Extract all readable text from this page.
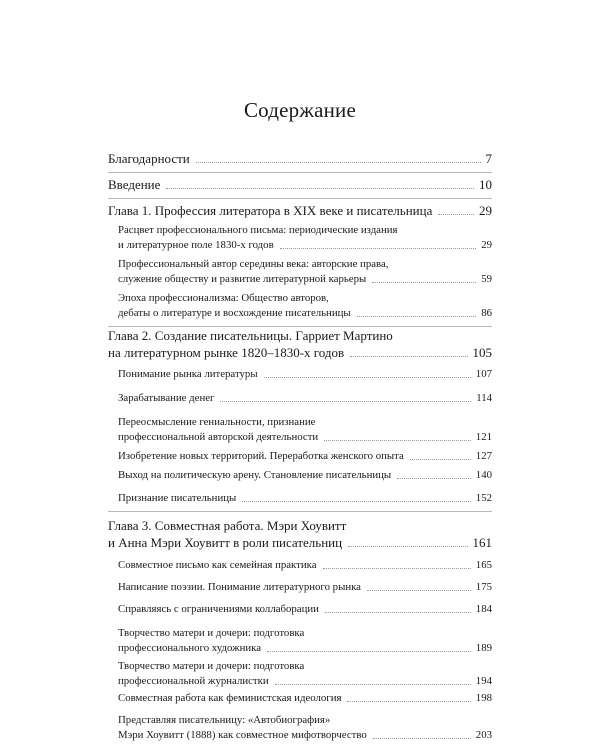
Содержание
Благодарности	7
Введение	10
Глава 1. Профессия литератора в XIX веке и писательница	29
Расцвет профессионального письма: периодические издания
и литературное поле 1830-х годов	29
Профессиональный автор середины века: авторские права,
служение обществу и развитие литературной карьеры	59
Эпоха профессионализма: Общество авторов,
дебаты о литературе и восхождение писательницы	86
Глава 2. Создание писательницы. Гарриет Мартино
на литературном рынке 1820–1830-х годов	105
Понимание рынка литературы	107
Зарабатывание денег	114
Переосмысление гениальности, признание
профессиональной авторской деятельности	121
Изобретение новых территорий. Переработка женского опыта	127
Выход на политическую арену. Становление писательницы	140
Признание писательницы	152
Глава 3. Совместная работа. Мэри Хоувитт
и Анна Мэри Хоувитт в роли писательниц	161
Совместное письмо как семейная практика	165
Написание поэзии. Понимание литературного рынка	175
Справляясь с ограничениями коллаборации	184
Творчество матери и дочери: подготовка
профессионального художника	189
Творчество матери и дочери: подготовка
профессиональной журналистки	194
Совместная работа как феминистская идеология	198
Представляя писательницу: «Автобиография»
Мэри Хоувитт (1888) как совместное мифотворчество	203
